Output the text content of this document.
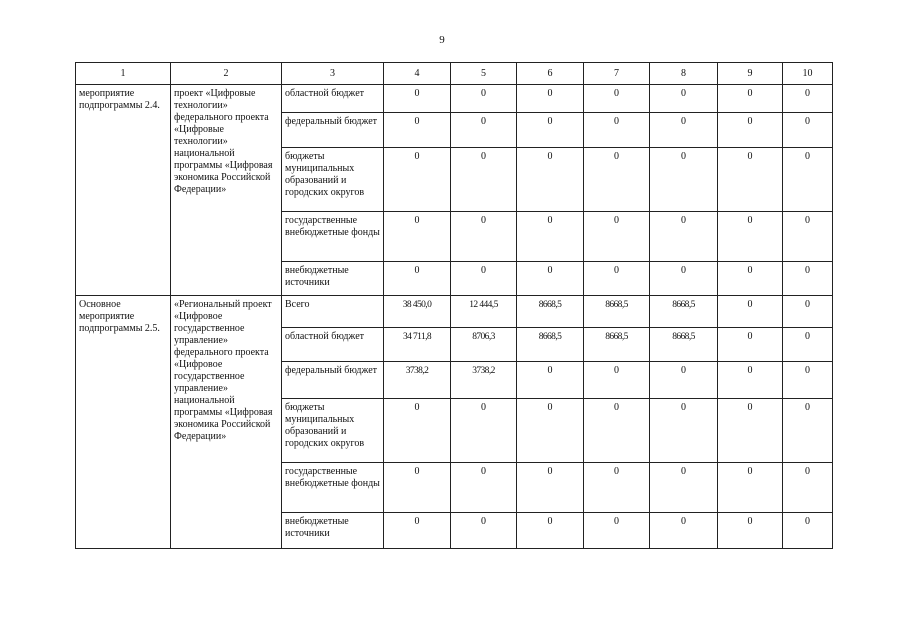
9
1	2	3	4	5	6	7	8	9	10
мероприятие подпрограммы 2.4.	проект «Цифровые технологии» федерального проекта «Цифровые технологии» национальной программы «Цифровая экономика Российской Федерации»	областной бюджет	0	0	0	0	0	0	0
		федеральный бюджет	0	0	0	0	0	0	0
		бюджеты муниципальных образований и городских округов	0	0	0	0	0	0	0
		государственные внебюджетные фонды	0	0	0	0	0	0	0
		внебюджетные источники	0	0	0	0	0	0	0
Основное мероприятие подпрограммы 2.5.	«Региональный проект «Цифровое государственное управление» федерального проекта «Цифровое государственное управление» национальной программы «Цифровая экономика Российской Федерации»	Всего	38 450,0	12 444,5	8668,5	8668,5	8668,5	0	0
		областной бюджет	34 711,8	8706,3	8668,5	8668,5	8668,5	0	0
		федеральный бюджет	3738,2	3738,2	0	0	0	0	0
		бюджеты муниципальных образований и городских округов	0	0	0	0	0	0	0
		государственные внебюджетные фонды	0	0	0	0	0	0	0
		внебюджетные источники	0	0	0	0	0	0	0
